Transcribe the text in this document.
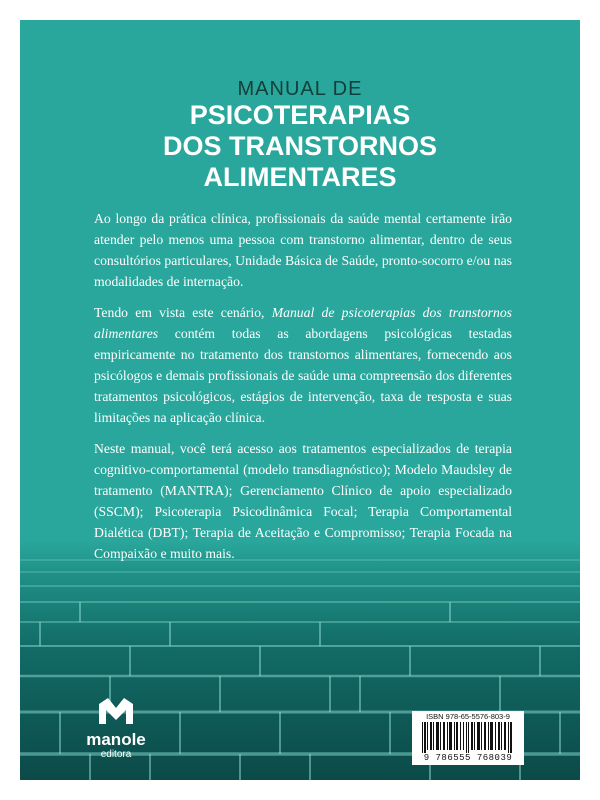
MANUAL DE
PSICOTERAPIAS
DOS TRANSTORNOS
ALIMENTARES

Ao longo da prática clínica, profissionais da saúde mental certamente irão atender pelo menos uma pessoa com transtorno alimentar, dentro de seus consultórios particulares, Unidade Básica de Saúde, pronto-socorro e/ou nas modalidades de internação.

Tendo em vista este cenário, Manual de psicoterapias dos transtornos alimentares contém todas as abordagens psicológicas testadas empiricamente no tratamento dos transtornos alimentares, fornecendo aos psicólogos e demais profissionais de saúde uma compreensão dos diferentes tratamentos psicológicos, estágios de intervenção, taxa de resposta e suas limitações na aplicação clínica.

Neste manual, você terá acesso aos tratamentos especializados de terapia cognitivo-comportamental (modelo transdiagnóstico); Modelo Maudsley de tratamento (MANTRA); Gerenciamento Clínico de apoio especializado (SSCM); Psicoterapia Psicodinâmica Focal; Terapia Comportamental Dialética (DBT); Terapia de Aceitação e Compromisso; Terapia Focada na Compaixão e muito mais.

manole
editora
ISBN 978-65-5576-803-9
9 786555 768039
